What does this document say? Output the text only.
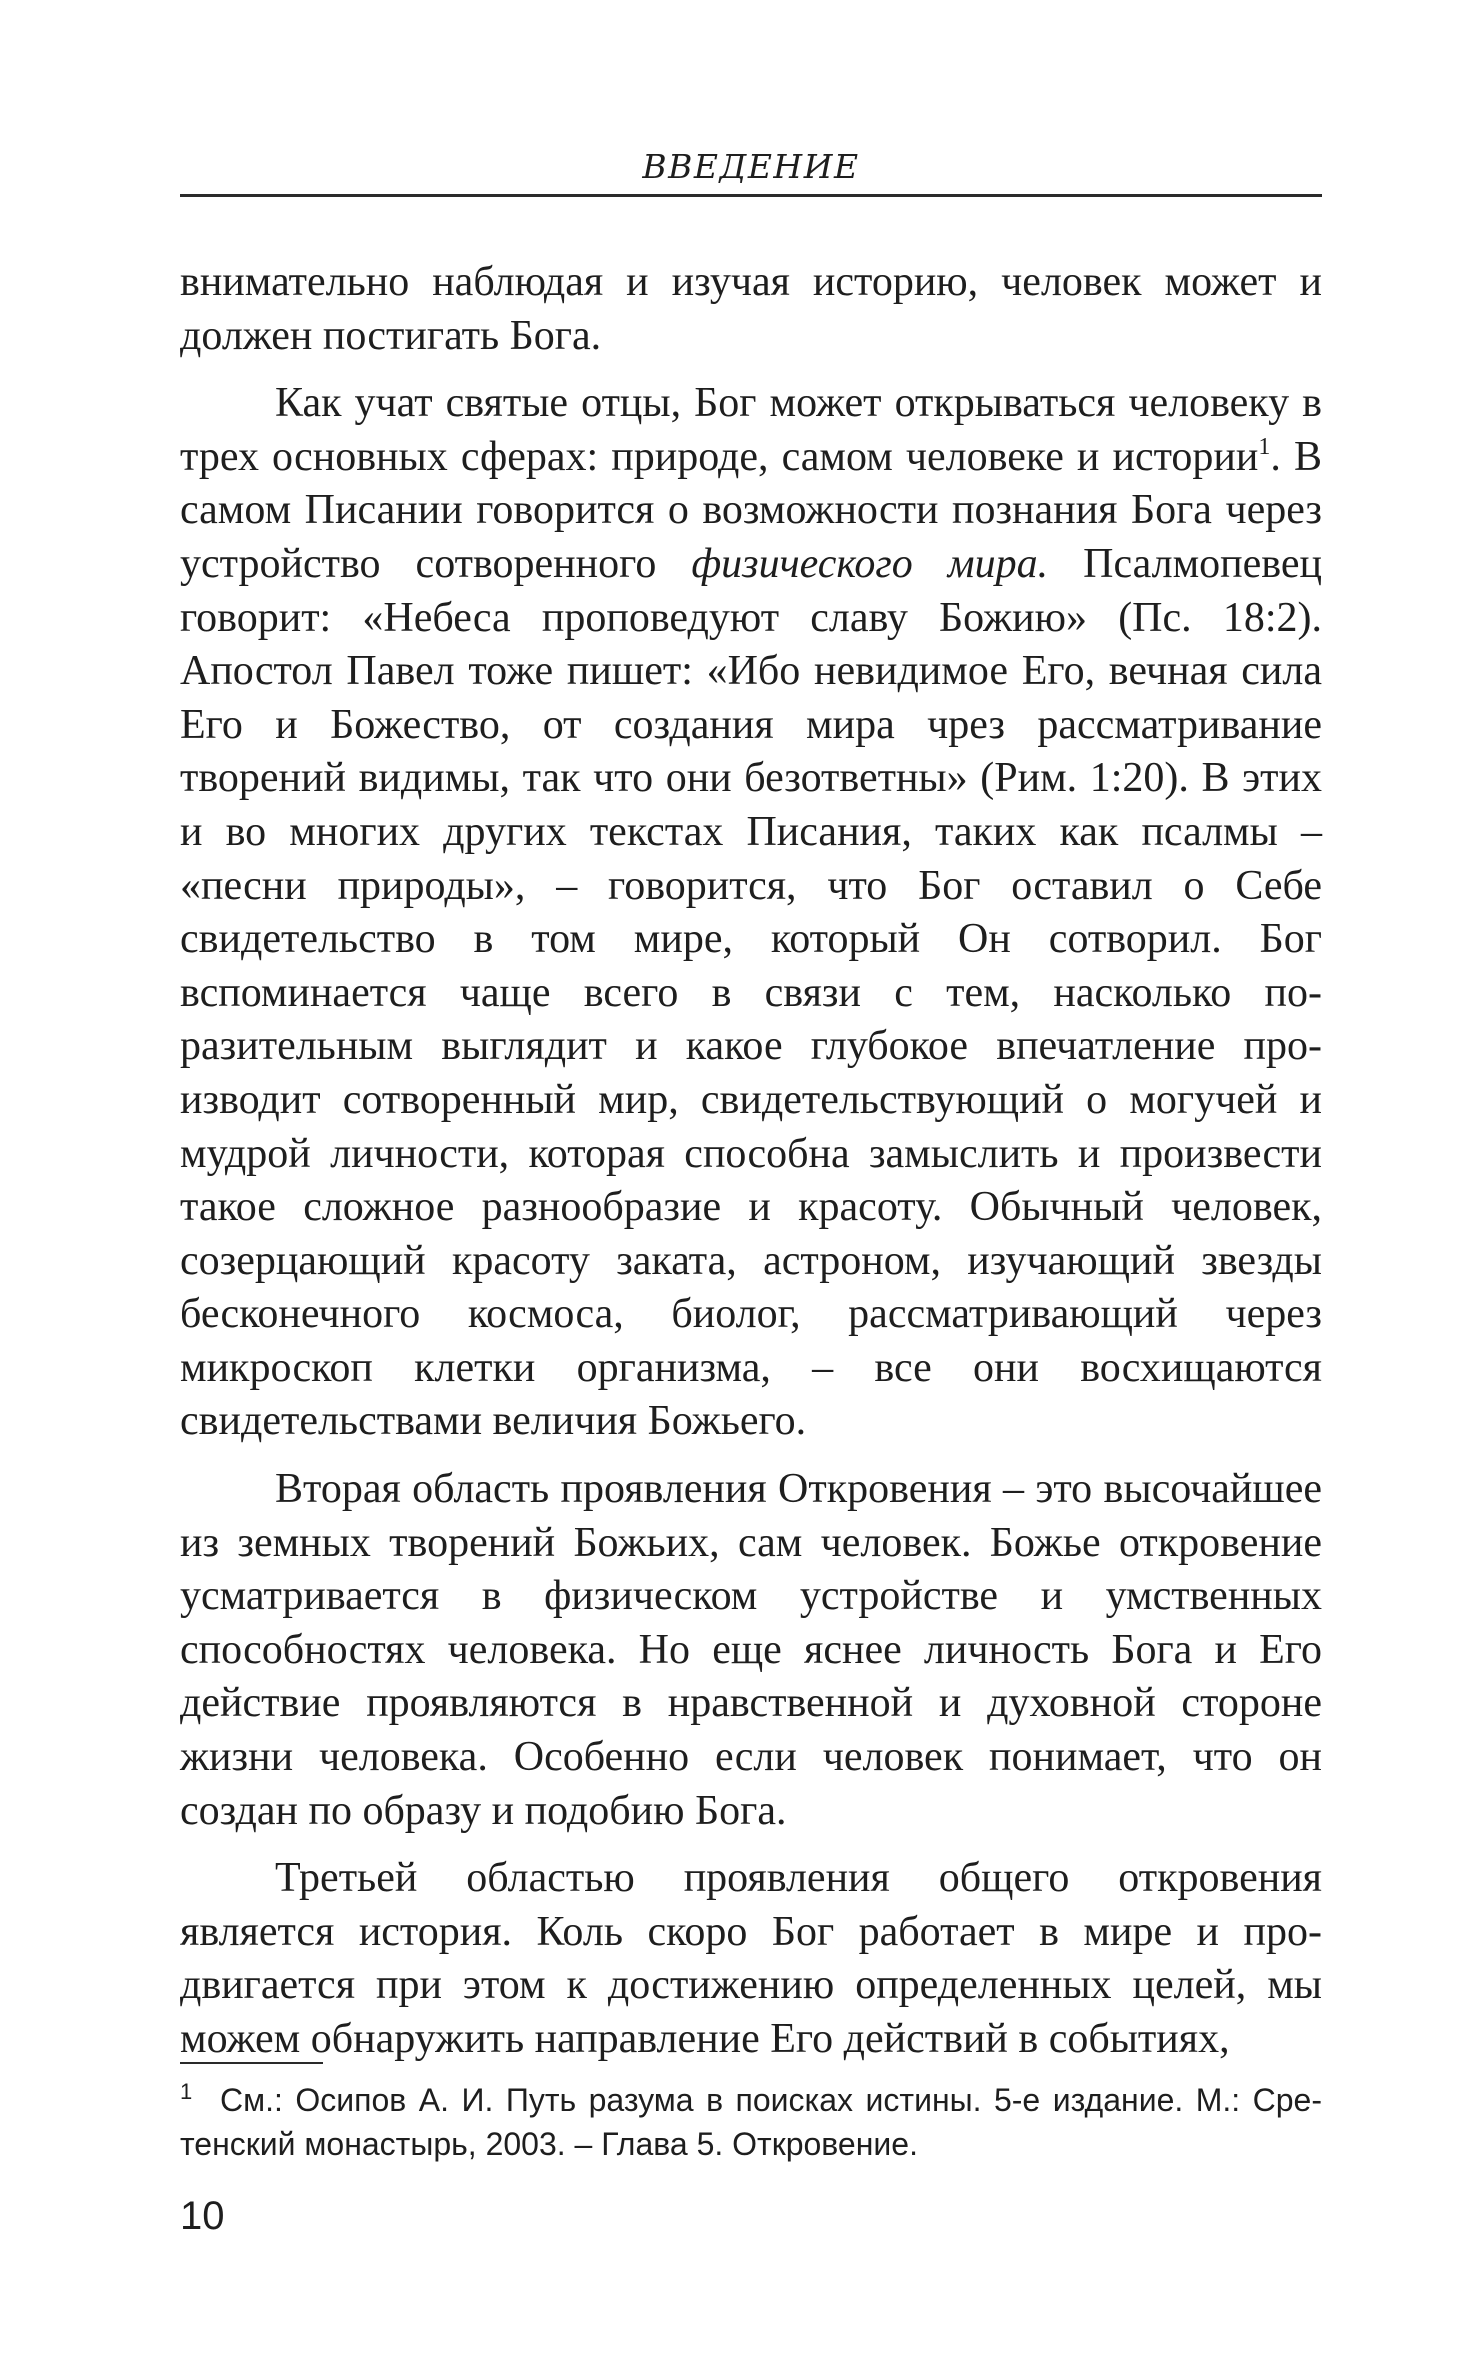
ВВЕДЕНИЕ

внимательно наблюдая и изучая историю, человек может и должен постигать Бога.

Как учат святые отцы, Бог может открываться человеку в трех основных сферах: природе, самом человеке и истории$^1$. В самом Писании говорится о возможности познания Бога через устройство сотворенного физического мира. Псалмопевец говорит: «Небеса проповедуют славу Божию» (Пс. 18:2). Апостол Павел тоже пишет: «Ибо невидимое Его, вечная сила Его и Божество, от создания мира чрез рассматривание творений видимы, так что они безответны» (Рим. 1:20). В этих и во многих других текстах Писания, таких как псалмы – «песни природы», – говорится, что Бог оставил о Себе свидетельство в том мире, который Он сотворил. Бог вспоминается чаще всего в связи с тем, насколько поразительным выглядит и какое глубокое впечатление производит сотворенный мир, свидетельствующий о могучей и мудрой личности, которая способна замыслить и произвести такое сложное разнообразие и красоту. Обычный человек, созерцающий красоту заката, астроном, изучающий звезды бесконечного космоса, биолог, рассматривающий через микроскоп клетки организма, – все они восхищаются свидетельствами величия Божьего.

Вторая область проявления Откровения – это высочайшее из земных творений Божьих, сам человек. Божье откровение усматривается в физическом устройстве и умственных способностях человека. Но еще яснее личность Бога и Его действие проявляются в нравственной и духовной стороне жизни человека. Особенно если человек понимает, что он создан по образу и подобию Бога.

Третьей областью проявления общего откровения является история. Коль скоро Бог работает в мире и продвигается при этом к достижению определенных целей, мы можем обнаружить направление Его действий в событиях,

1 См.: Осипов А. И. Путь разума в поисках истины. 5-е издание. М.: Сретенский монастырь, 2003. – Глава 5. Откровение.
10
